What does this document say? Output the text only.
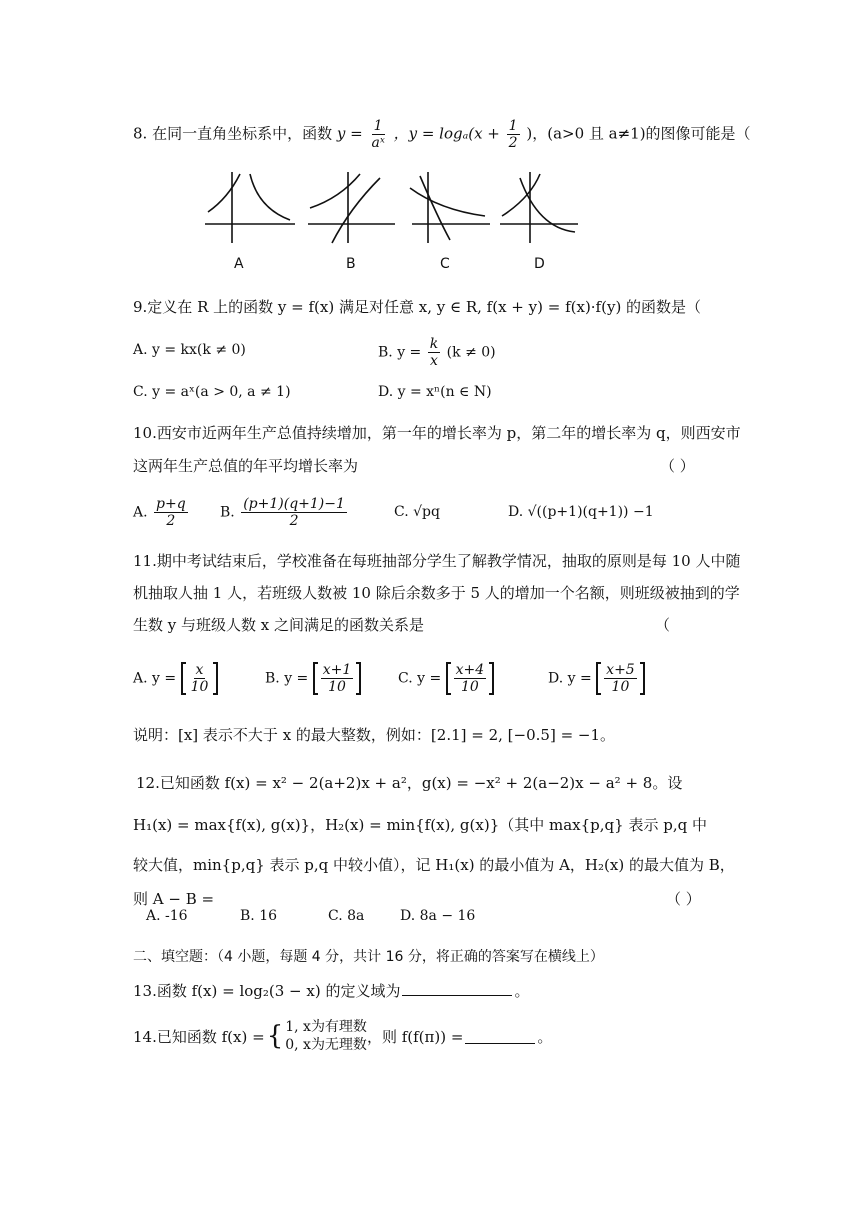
8. 在同一直角坐标系中，函数 $y = \frac{1}{\text{aˣ}}$ ，$y = \log_a(x + \frac{1}{2}$ )，(a>0 且 a≠1)的图像可能是（
A	B	C	D
9.定义在 R 上的函数 y = f(x) 满足对任意 x, y ∈ R, f(x + y) = f(x)·f(y) 的函数是（
A. y = kx(k ≠ 0)	B. $y = \frac{k}{x} (k \ne 0)$
C. y = aˣ(a > 0, a ≠ 1)	D. y = xⁿ(n ∈ N)
10.西安市近两年生产总值持续增加，第一年的增长率为 p，第二年的增长率为 q，则西安市
这两年生产总值的年平均增长率为	（ ）
A. $\frac{p+q}{2} B$. $\frac{(p+1)(q+1)-1}{2}$	C. √pq	D. √((p+1)(q+1)) −1
11.期中考试结束后，学校准备在每班抽部分学生了解教学情况，抽取的原则是每 10 人中随
机抽取人抽 1 人，若班级人数被 10 除后余数多于 5 人的增加一个名额，则班级被抽到的学
生数 y 与班级人数 x 之间满足的函数关系是	（
A. $y = \frac{x}{10}$	B. $y = \frac{x+1}{10}$	C. $y = \frac{x+4}{10}$	D. $y = \frac{x+5}{10}$
说明：[x] 表示不大于 x 的最大整数，例如：[2.1] = 2, [−0.5] = −1。
12.已知函数 f(x) = x² − 2(a+2)x + a²，g(x) = −x² + 2(a−2)x − a² + 8。设
H₁(x) = max{f(x), g(x)}，H₂(x) = min{f(x), g(x)}（其中 max{p,q} 表示 p,q 中
较大值，min{p,q} 表示 p,q 中较小值），记 H₁(x) 的最小值为 A，H₂(x) 的最大值为 B，
则 A − B =	（ ）
A. -16	B. 16	C. 8a	D. 8a − 16
二、填空题：（4 小题，每题 4 分，共计 16 分，将正确的答案写在横线上）
13.函数 f(x) = log₂(3 − x) 的定义域为	。
14.已知函数 f(x) = { 1, x为有理数
0, x为无理数 ，则 f(f(π)) =	。
